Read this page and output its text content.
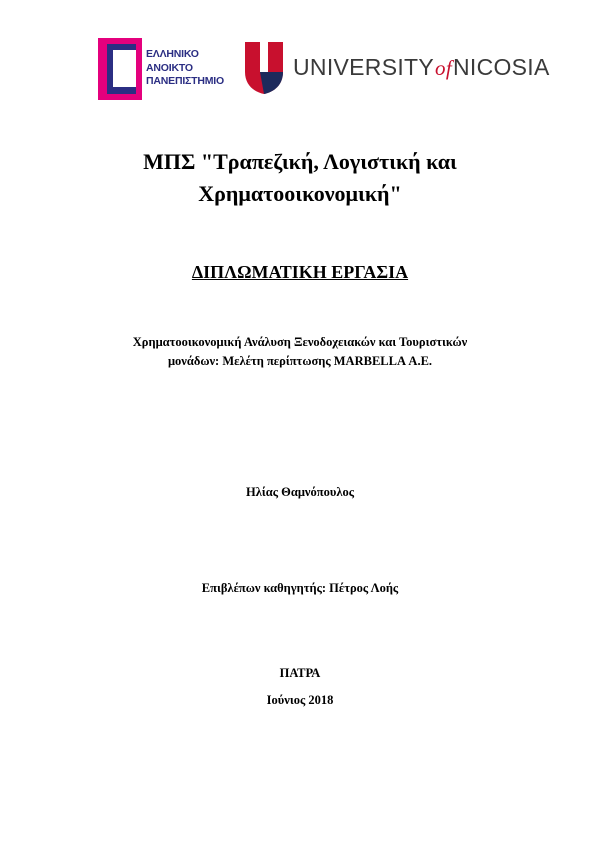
ΕΛΛΗΝΙΚΟ
ΑΝΟΙΚΤΟ
ΠΑΝΕΠΙΣΤΗΜΙΟ
UNIVERSITYofNICOSIA
ΜΠΣ "Τραπεζική, Λογιστική και
Χρηματοοικονομική"
ΔΙΠΛΩΜΑΤΙΚΗ ΕΡΓΑΣΙΑ
Χρηματοοικονομική Ανάλυση Ξενοδοχειακών και Τουριστικών
μονάδων: Μελέτη περίπτωσης MARBELLA Α.Ε.
Ηλίας Θαμνόπουλος
Επιβλέπων καθηγητής: Πέτρος Λοής
ΠΑΤΡΑ
Ιούνιος 2018
